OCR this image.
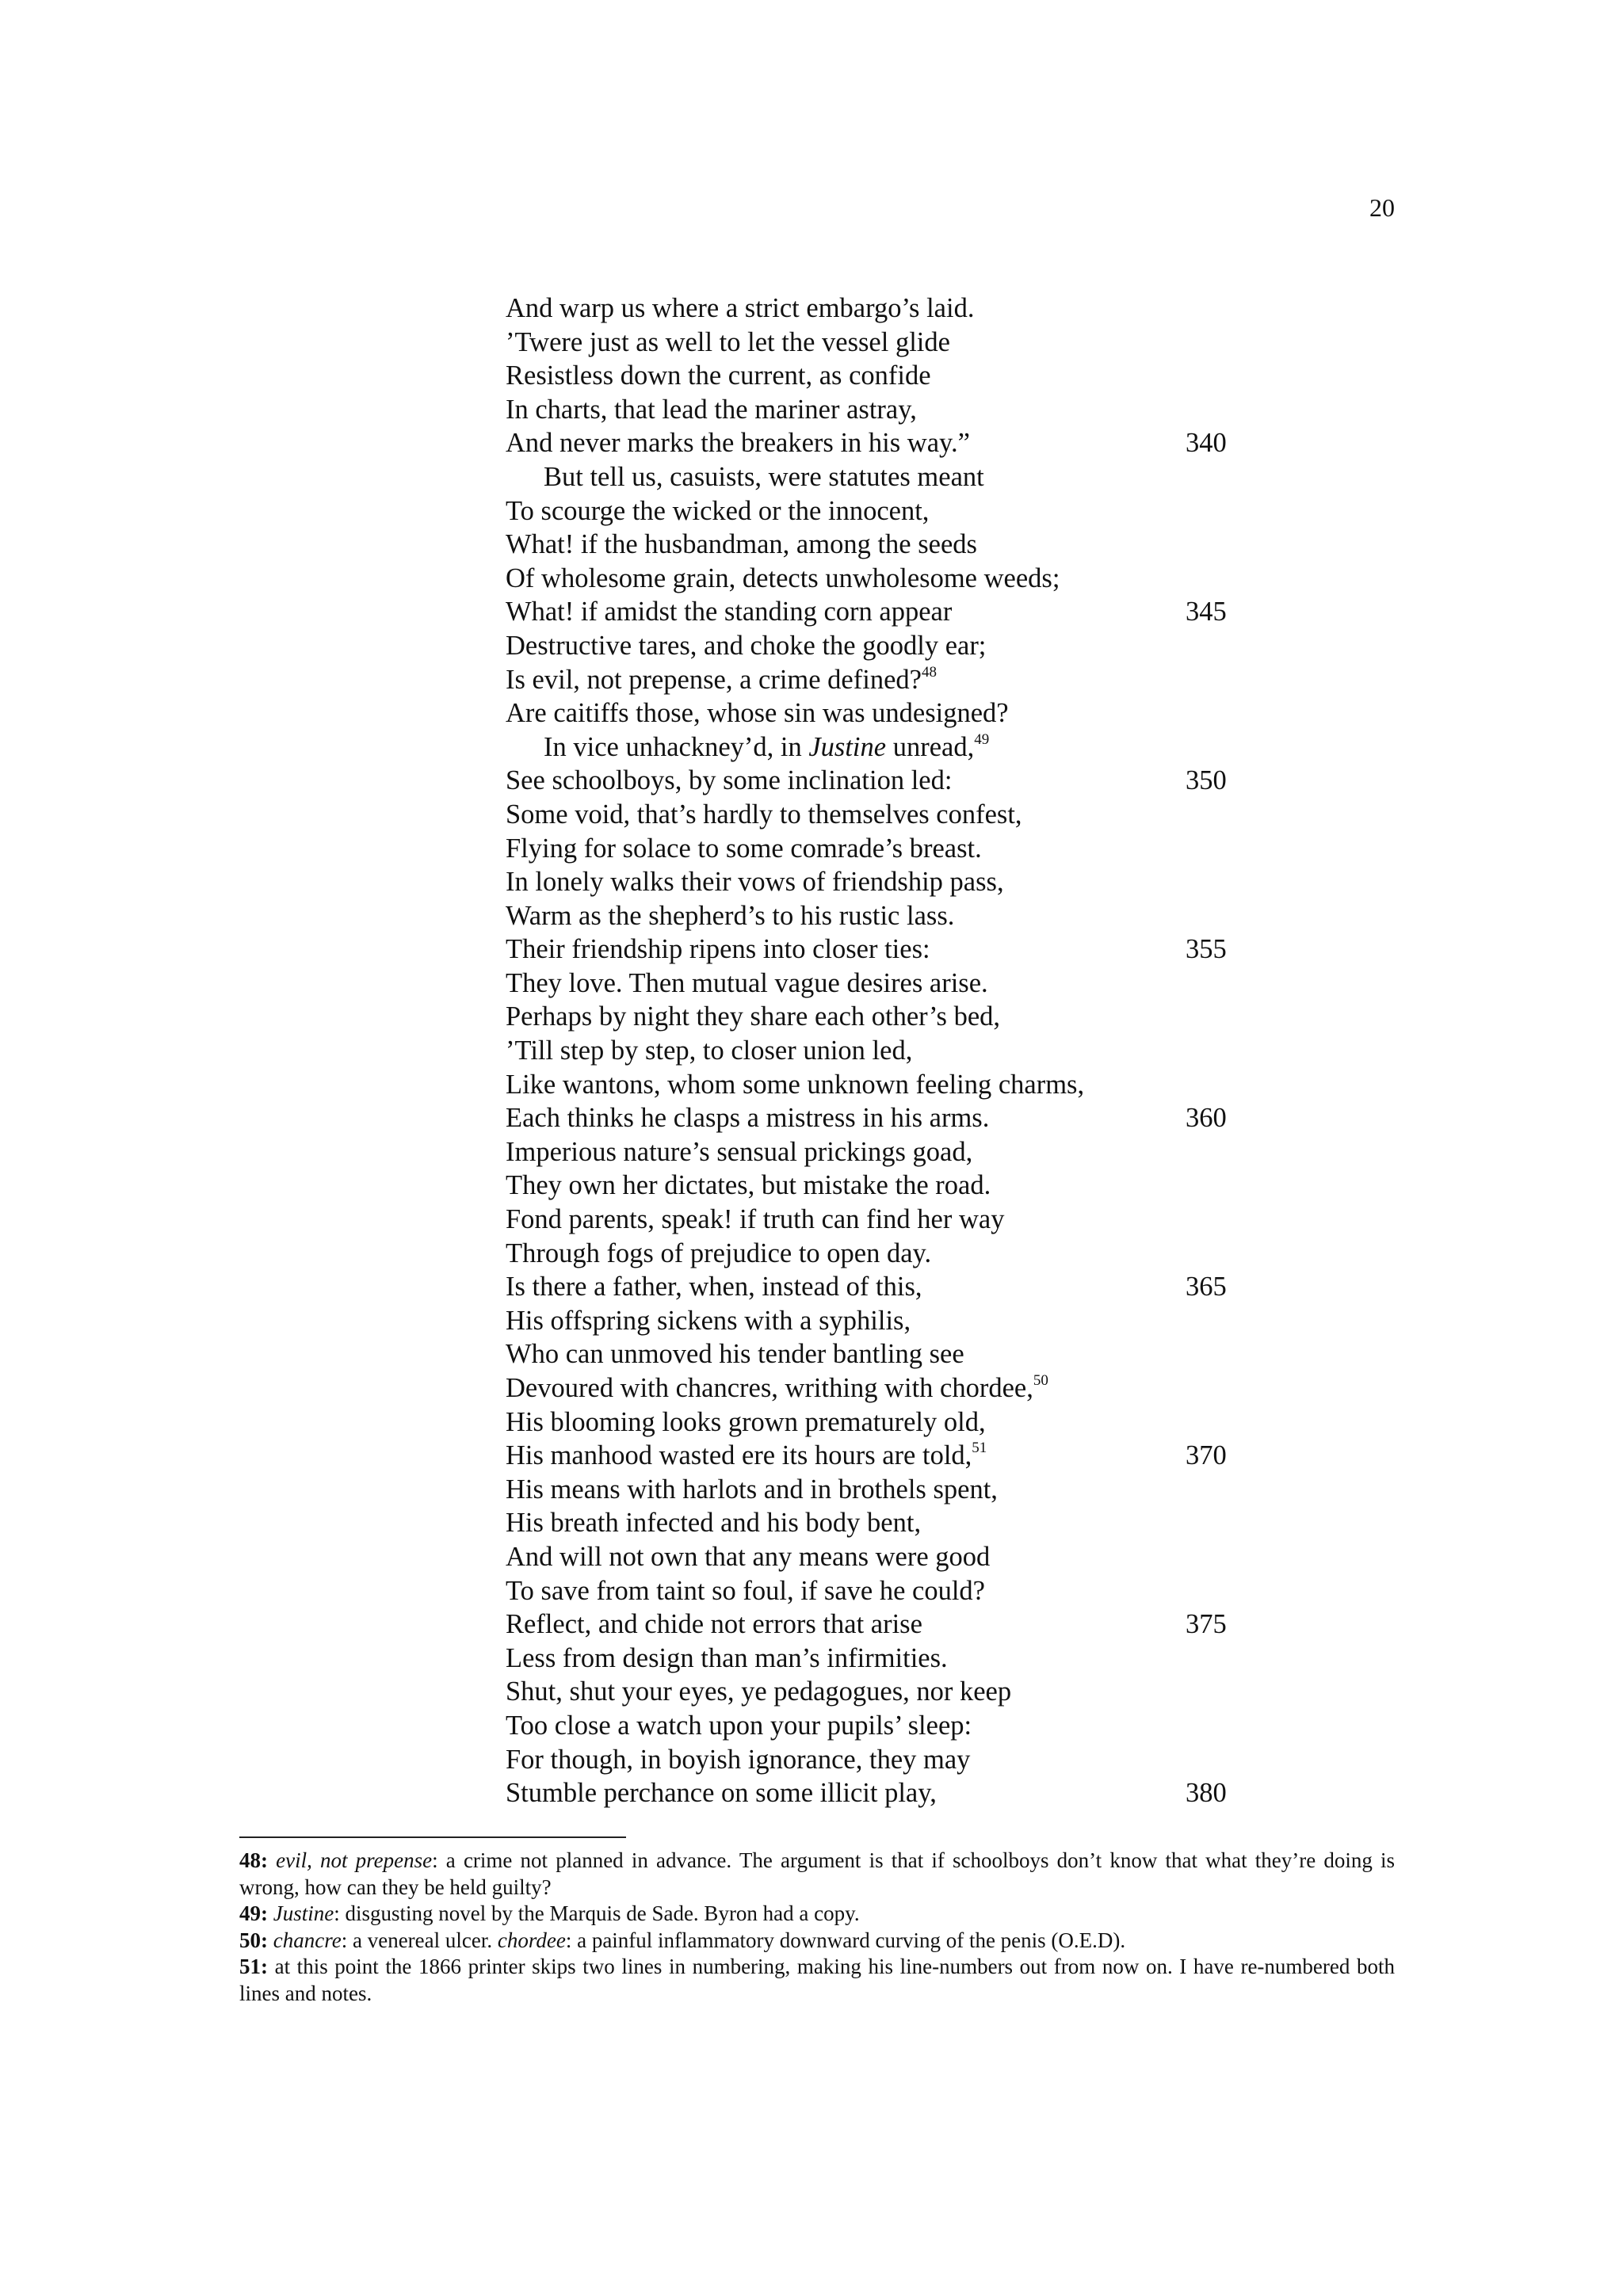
20
And warp us where a strict embargo’s laid.
’Twere just as well to let the vessel glide
Resistless down the current, as confide
In charts, that lead the mariner astray,
And never marks the breakers in his way.”	340
But tell us, casuists, were statutes meant
To scourge the wicked or the innocent,
What! if the husbandman, among the seeds
Of wholesome grain, detects unwholesome weeds;
What! if amidst the standing corn appear	345
Destructive tares, and choke the goodly ear;
Is evil, not prepense, a crime defined?$^{48}$
Are caitiffs those, whose sin was undesigned?
In vice unhackney’d, in Justine unread,$^{49}$
See schoolboys, by some inclination led:	350
Some void, that’s hardly to themselves confest,
Flying for solace to some comrade’s breast.
In lonely walks their vows of friendship pass,
Warm as the shepherd’s to his rustic lass.
Their friendship ripens into closer ties:	355
They love. Then mutual vague desires arise.
Perhaps by night they share each other’s bed,
’Till step by step, to closer union led,
Like wantons, whom some unknown feeling charms,
Each thinks he clasps a mistress in his arms.	360
Imperious nature’s sensual prickings goad,
They own her dictates, but mistake the road.
Fond parents, speak! if truth can find her way
Through fogs of prejudice to open day.
Is there a father, when, instead of this,	365
His offspring sickens with a syphilis,
Who can unmoved his tender bantling see
Devoured with chancres, writhing with chordee,$^{50}$
His blooming looks grown prematurely old,
His manhood wasted ere its hours are told,$^{51}$	370
His means with harlots and in brothels spent,
His breath infected and his body bent,
And will not own that any means were good
To save from taint so foul, if save he could?
Reflect, and chide not errors that arise	375
Less from design than man’s infirmities.
Shut, shut your eyes, ye pedagogues, nor keep
Too close a watch upon your pupils’ sleep:
For though, in boyish ignorance, they may
Stumble perchance on some illicit play,	380

48: evil, not prepense: a crime not planned in advance. The argument is that if schoolboys don’t know that what they’re doing is wrong, how can they be held guilty?

49: Justine: disgusting novel by the Marquis de Sade. Byron had a copy.

50: chancre: a venereal ulcer. chordee: a painful inflammatory downward curving of the penis (O.E.D).

51: at this point the 1866 printer skips two lines in numbering, making his line-numbers out from now on. I have re-numbered both lines and notes.
